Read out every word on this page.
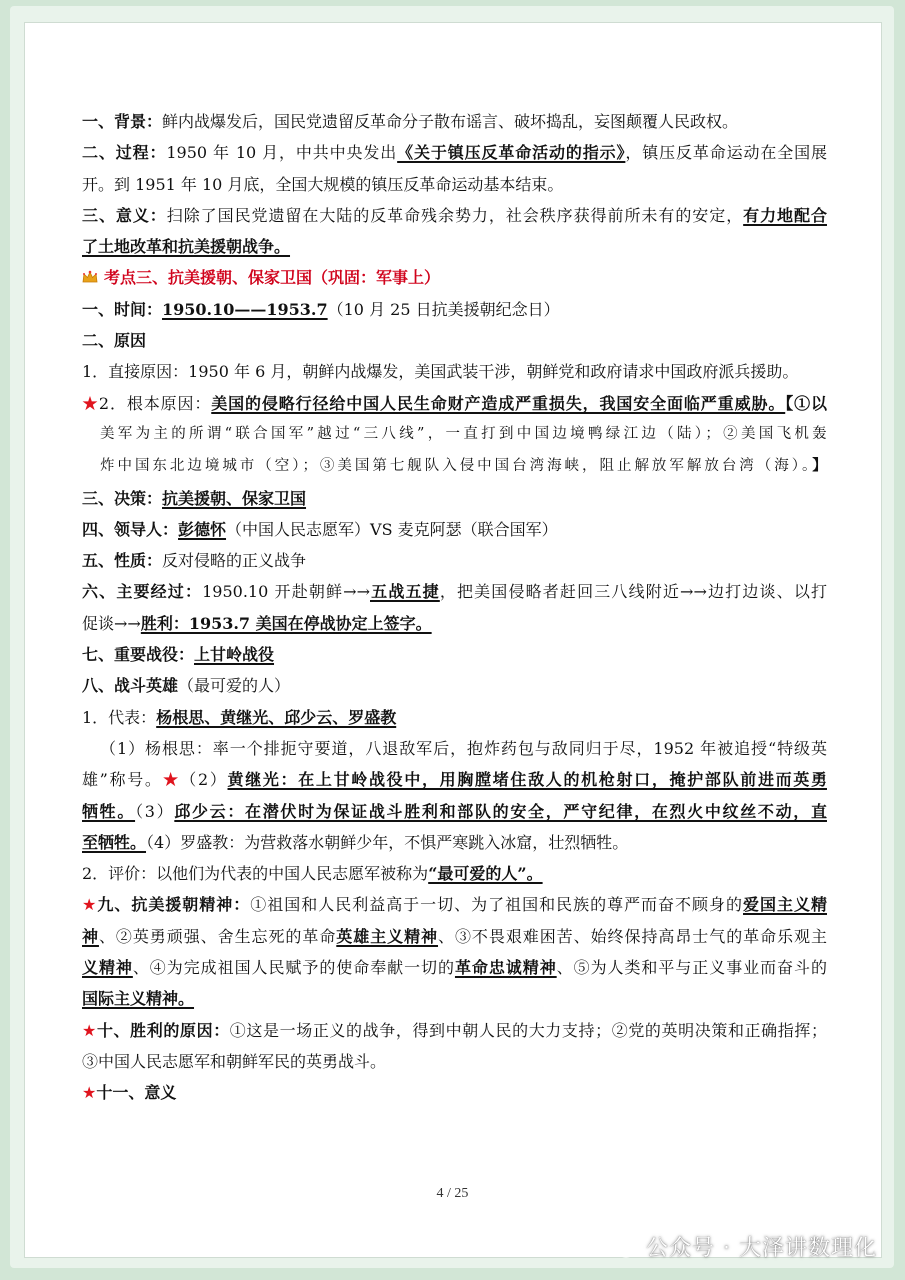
一、背景：鲜内战爆发后，国民党遗留反革命分子散布谣言、破坏捣乱，妄图颠覆人民政权。
二、过程：1950 年 10 月，中共中央发出《关于镇压反革命活动的指示》，镇压反革命运动在全国展
开。到 1951 年 10 月底，全国大规模的镇压反革命运动基本结束。
三、意义：扫除了国民党遗留在大陆的反革命残余势力，社会秩序获得前所未有的安定，有力地配合
了土地改革和抗美援朝战争。
考点三、抗美援朝、保家卫国（巩固：军事上）
一、时间：1950.10——1953.7（10 月 25 日抗美援朝纪念日）
二、原因
1．直接原因：1950 年 6 月，朝鲜内战爆发，美国武装干涉，朝鲜党和政府请求中国政府派兵援助。
★2．根本原因：美国的侵略行径给中国人民生命财产造成严重损失，我国安全面临严重威胁。【①以
美军为主的所谓“联合国军”越过“三八线”，一直打到中国边境鸭绿江边（陆）；②美国飞机轰
炸中国东北边境城市（空）；③美国第七舰队入侵中国台湾海峡，阻止解放军解放台湾（海）。】
三、决策：抗美援朝、保家卫国
四、领导人：彭德怀（中国人民志愿军）VS 麦克阿瑟（联合国军）
五、性质：反对侵略的正义战争
六、主要经过：1950.10 开赴朝鲜→→五战五捷，把美国侵略者赶回三八线附近→→边打边谈、以打
促谈→→胜利：1953.7 美国在停战协定上签字。
七、重要战役：上甘岭战役
八、战斗英雄（最可爱的人）
1．代表：杨根思、黄继光、邱少云、罗盛教
（1）杨根思：率一个排扼守要道，八退敌军后，抱炸药包与敌同归于尽，1952 年被追授“特级英
雄”称号。★（2）黄继光：在上甘岭战役中，用胸膛堵住敌人的机枪射口，掩护部队前进而英勇
牺牲。（3）邱少云：在潜伏时为保证战斗胜利和部队的安全，严守纪律，在烈火中纹丝不动，直
至牺牲。（4）罗盛教：为营救落水朝鲜少年，不惧严寒跳入冰窟，壮烈牺牲。
2．评价：以他们为代表的中国人民志愿军被称为“最可爱的人”。
★九、抗美援朝精神：①祖国和人民利益高于一切、为了祖国和民族的尊严而奋不顾身的爱国主义精
神、②英勇顽强、舍生忘死的革命英雄主义精神、③不畏艰难困苦、始终保持高昂士气的革命乐观主
义精神、④为完成祖国人民赋予的使命奉献一切的革命忠诚精神、⑤为人类和平与正义事业而奋斗的
国际主义精神。
★十、胜利的原因：①这是一场正义的战争，得到中朝人民的大力支持；②党的英明决策和正确指挥；
③中国人民志愿军和朝鲜军民的英勇战斗。
★十一、意义
4 / 25
公众号 · 大泽讲数理化
